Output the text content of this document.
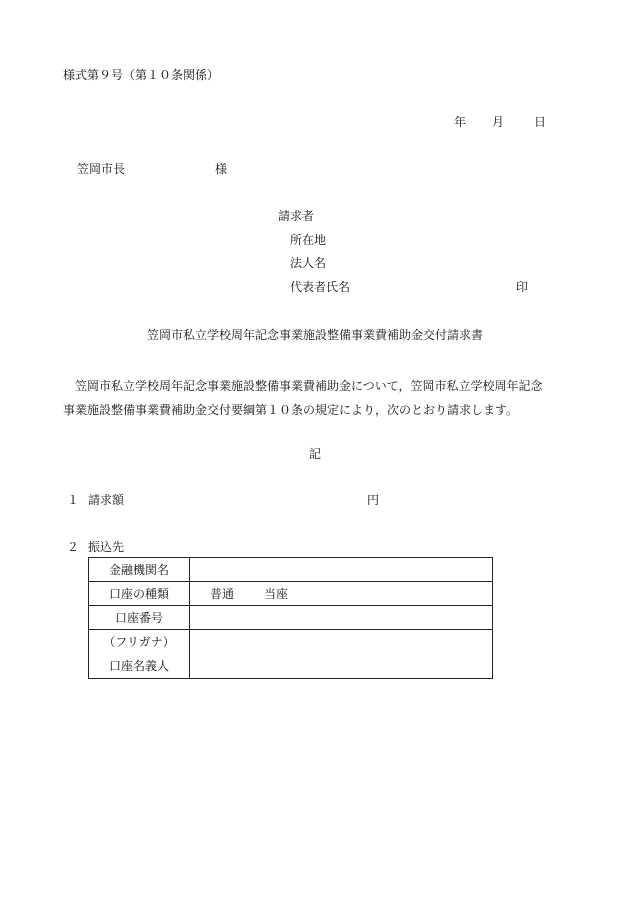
様式第９号（第１０条関係）
年 月 日
笠岡市長	様
請求者
所在地
法人名
代表者氏名	印
笠岡市私立学校周年記念事業施設整備事業費補助金交付請求書

　笠岡市私立学校周年記念事業施設整備事業費補助金について，笠岡市私立学校周年記念

事業施設整備事業費補助金交付要綱第１０条の規定により，次のとおり請求します。

記
１ 請求額	円
２ 振込先
金融機関名	
口座の種類	普通 当座
口座番号	

（フリガナ）
口座名義人	
